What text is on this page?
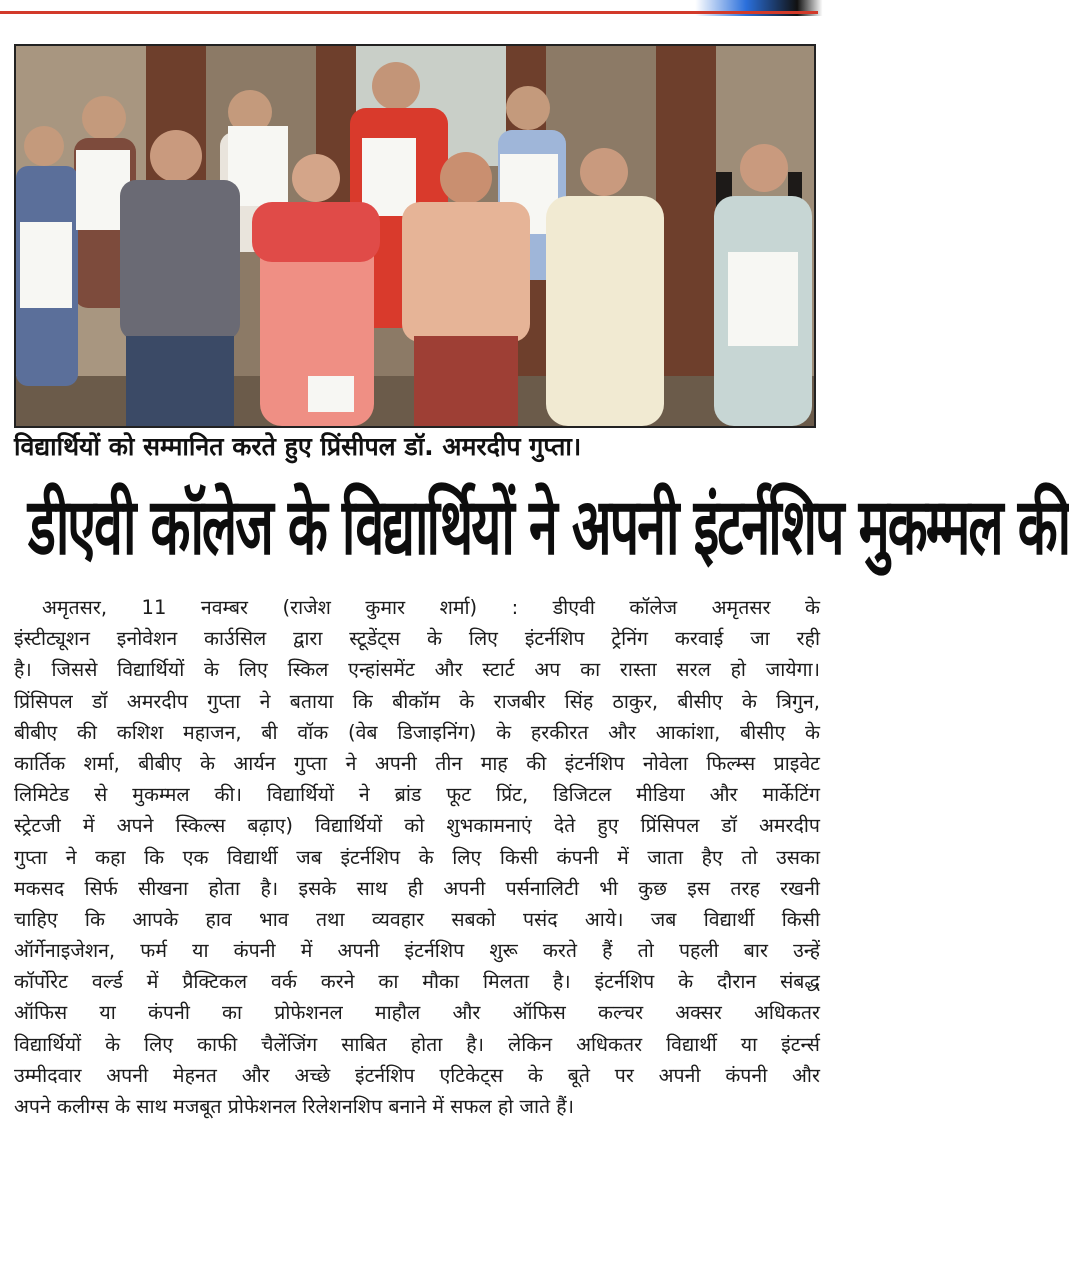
विद्यार्थियों को सम्मानित करते हुए प्रिंसीपल डॉ. अमरदीप गुप्ता।
डीएवी कॉलेज के विद्यार्थियों ने अपनी इंटर्नशिप मुकम्मल की
अमृतसर, 11 नवम्बर (राजेश कुमार शर्मा) : डीएवी कॉलेज अमृतसर के
इंस्टीट्यूशन इनोवेशन कार्उसिल द्वारा स्टूडेंट्स के लिए इंटर्नशिप ट्रेनिंग करवाई जा रही
है। जिससे विद्यार्थियों के लिए स्किल एन्हांसमेंट और स्टार्ट अप का रास्ता सरल हो जायेगा।
प्रिंसिपल डॉ अमरदीप गुप्ता ने बताया कि बीकॉम के राजबीर सिंह ठाकुर, बीसीए के त्रिगुन,
बीबीए की कशिश महाजन, बी वॉक (वेब डिजाइनिंग) के हरकीरत और आकांशा, बीसीए के
कार्तिक शर्मा, बीबीए के आर्यन गुप्ता ने अपनी तीन माह की इंटर्नशिप नोवेला फिल्म्स प्राइवेट
लिमिटेड से मुकम्मल की। विद्यार्थियों ने ब्रांड फूट प्रिंट, डिजिटल मीडिया और मार्केटिंग
स्ट्रेटजी में अपने स्किल्स बढ़ाए) विद्यार्थियों को शुभकामनाएं देते हुए प्रिंसिपल डॉ अमरदीप
गुप्ता ने कहा कि एक विद्यार्थी जब इंटर्नशिप के लिए किसी कंपनी में जाता हैए तो उसका
मकसद सिर्फ सीखना होता है। इसके साथ ही अपनी पर्सनालिटी भी कुछ इस तरह रखनी
चाहिए कि आपके हाव भाव तथा व्यवहार सबको पसंद आये। जब विद्यार्थी किसी
ऑर्गेनाइजेशन, फर्म या कंपनी में अपनी इंटर्नशिप शुरू करते हैं तो पहली बार उन्हें
कॉर्पोरेट वर्ल्ड में प्रैक्टिकल वर्क करने का मौका मिलता है। इंटर्नशिप के दौरान संबद्ध
ऑफिस या कंपनी का प्रोफेशनल माहौल और ऑफिस कल्चर अक्सर अधिकतर
विद्यार्थियों के लिए काफी चैलेंजिंग साबित होता है। लेकिन अधिकतर विद्यार्थी या इंटर्न्स
उम्मीदवार अपनी मेहनत और अच्छे इंटर्नशिप एटिकेट्स के बूते पर अपनी कंपनी और
अपने कलीग्स के साथ मजबूत प्रोफेशनल रिलेशनशिप बनाने में सफल हो जाते हैं।
